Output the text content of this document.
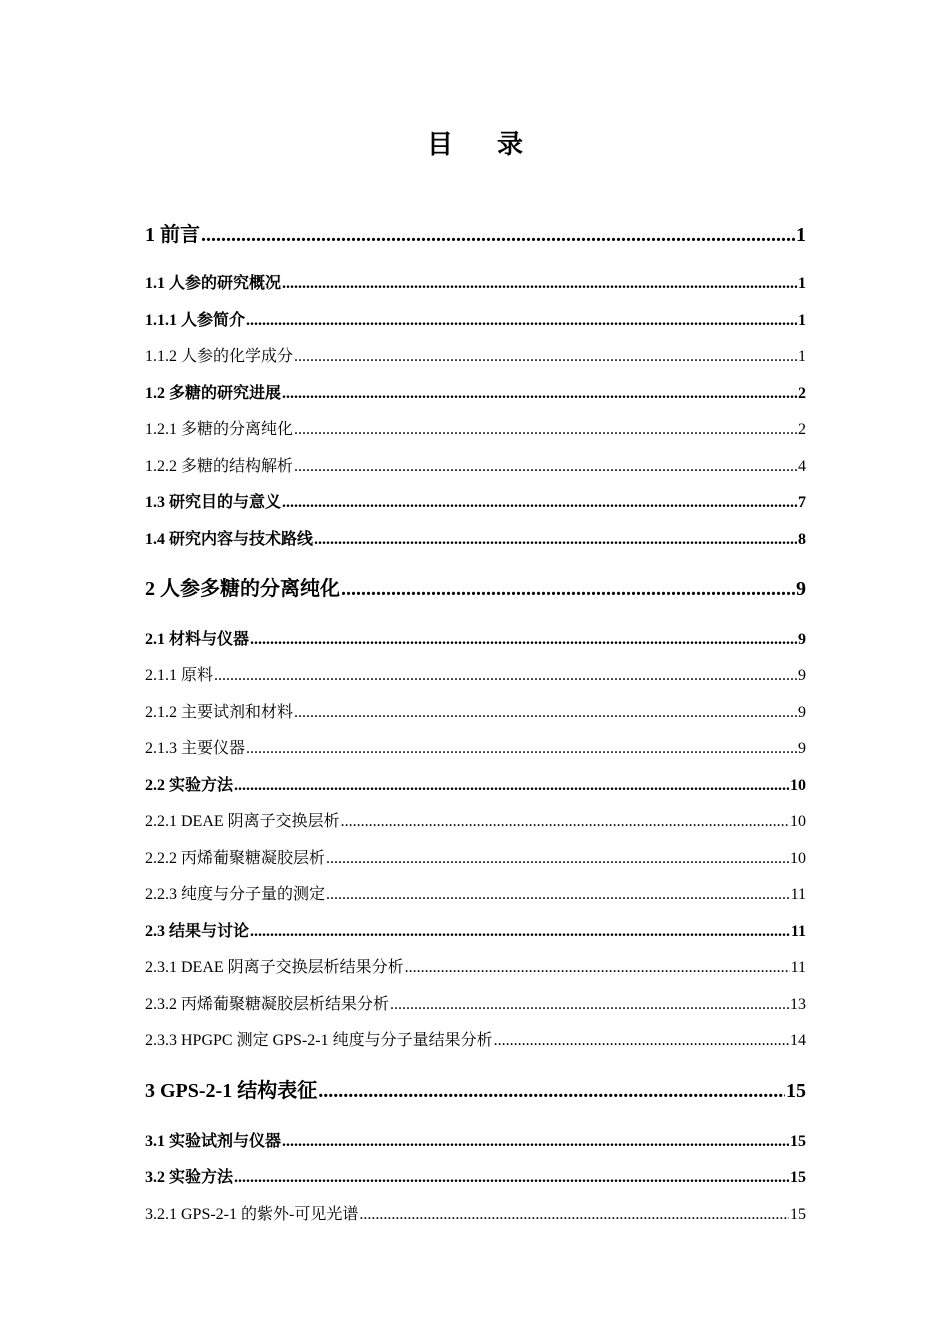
目 录
1 前言 .....	1
1.1 人参的研究概况 .....	1
1.1.1 人参简介 .....	1
1.1.2 人参的化学成分 .....	1
1.2 多糖的研究进展 .....	2
1.2.1 多糖的分离纯化 .....	2
1.2.2 多糖的结构解析 .....	4
1.3 研究目的与意义 .....	7
1.4 研究内容与技术路线 .....	8
2 人参多糖的分离纯化 .....	9
2.1 材料与仪器 .....	9
2.1.1 原料 .....	9
2.1.2 主要试剂和材料 .....	9
2.1.3 主要仪器 .....	9
2.2 实验方法 .....	10
2.2.1 DEAE 阴离子交换层析 .....	10
2.2.2 丙烯葡聚糖凝胶层析 .....	10
2.2.3 纯度与分子量的测定 .....	11
2.3 结果与讨论 .....	11
2.3.1 DEAE 阴离子交换层析结果分析 .....	11
2.3.2 丙烯葡聚糖凝胶层析结果分析 .....	13
2.3.3 HPGPC 测定 GPS-2-1 纯度与分子量结果分析 .....	14
3 GPS-2-1 结构表征 .....	15
3.1 实验试剂与仪器 .....	15
3.2 实验方法 .....	15
3.2.1 GPS-2-1 的紫外-可见光谱 .....	15
